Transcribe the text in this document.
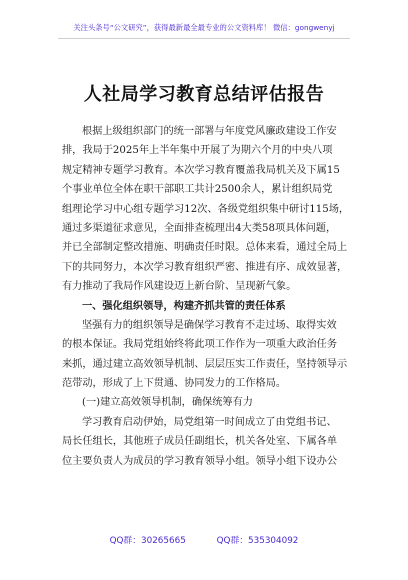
关注头条号“公文研究”，获得最新最全最专业的公文资料库！ 微信：gongwenyj
人社局学习教育总结评估报告
根据上级组织部门的统一部署与年度党风廉政建设工作安
排，我局于2025年上半年集中开展了为期六个月的中央八项
规定精神专题学习教育。本次学习教育覆盖我局机关及下属15
个事业单位全体在职干部职工共计2500余人，累计组织局党
组理论学习中心组专题学习12次、各级党组织集中研讨115场，
通过多渠道征求意见，全面排查梳理出4大类58项具体问题，
并已全部制定整改措施、明确责任时限。总体来看，通过全局上
下的共同努力，本次学习教育组织严密、推进有序、成效显著，
有力推动了我局作风建设迈上新台阶、呈现新气象。
一、强化组织领导，构建齐抓共管的责任体系
坚强有力的组织领导是确保学习教育不走过场、取得实效
的根本保证。我局党组始终将此项工作作为一项重大政治任务
来抓，通过建立高效领导机制、层层压实工作责任，坚持领导示
范带动，形成了上下贯通、协同发力的工作格局。
(一)建立高效领导机制，确保统筹有力
学习教育启动伊始，局党组第一时间成立了由党组书记、
局长任组长，其他班子成员任副组长，机关各处室、下属各单
位主要负责人为成员的学习教育领导小组。领导小组下设办公
QQ群：30265665	QQ群：535304092
